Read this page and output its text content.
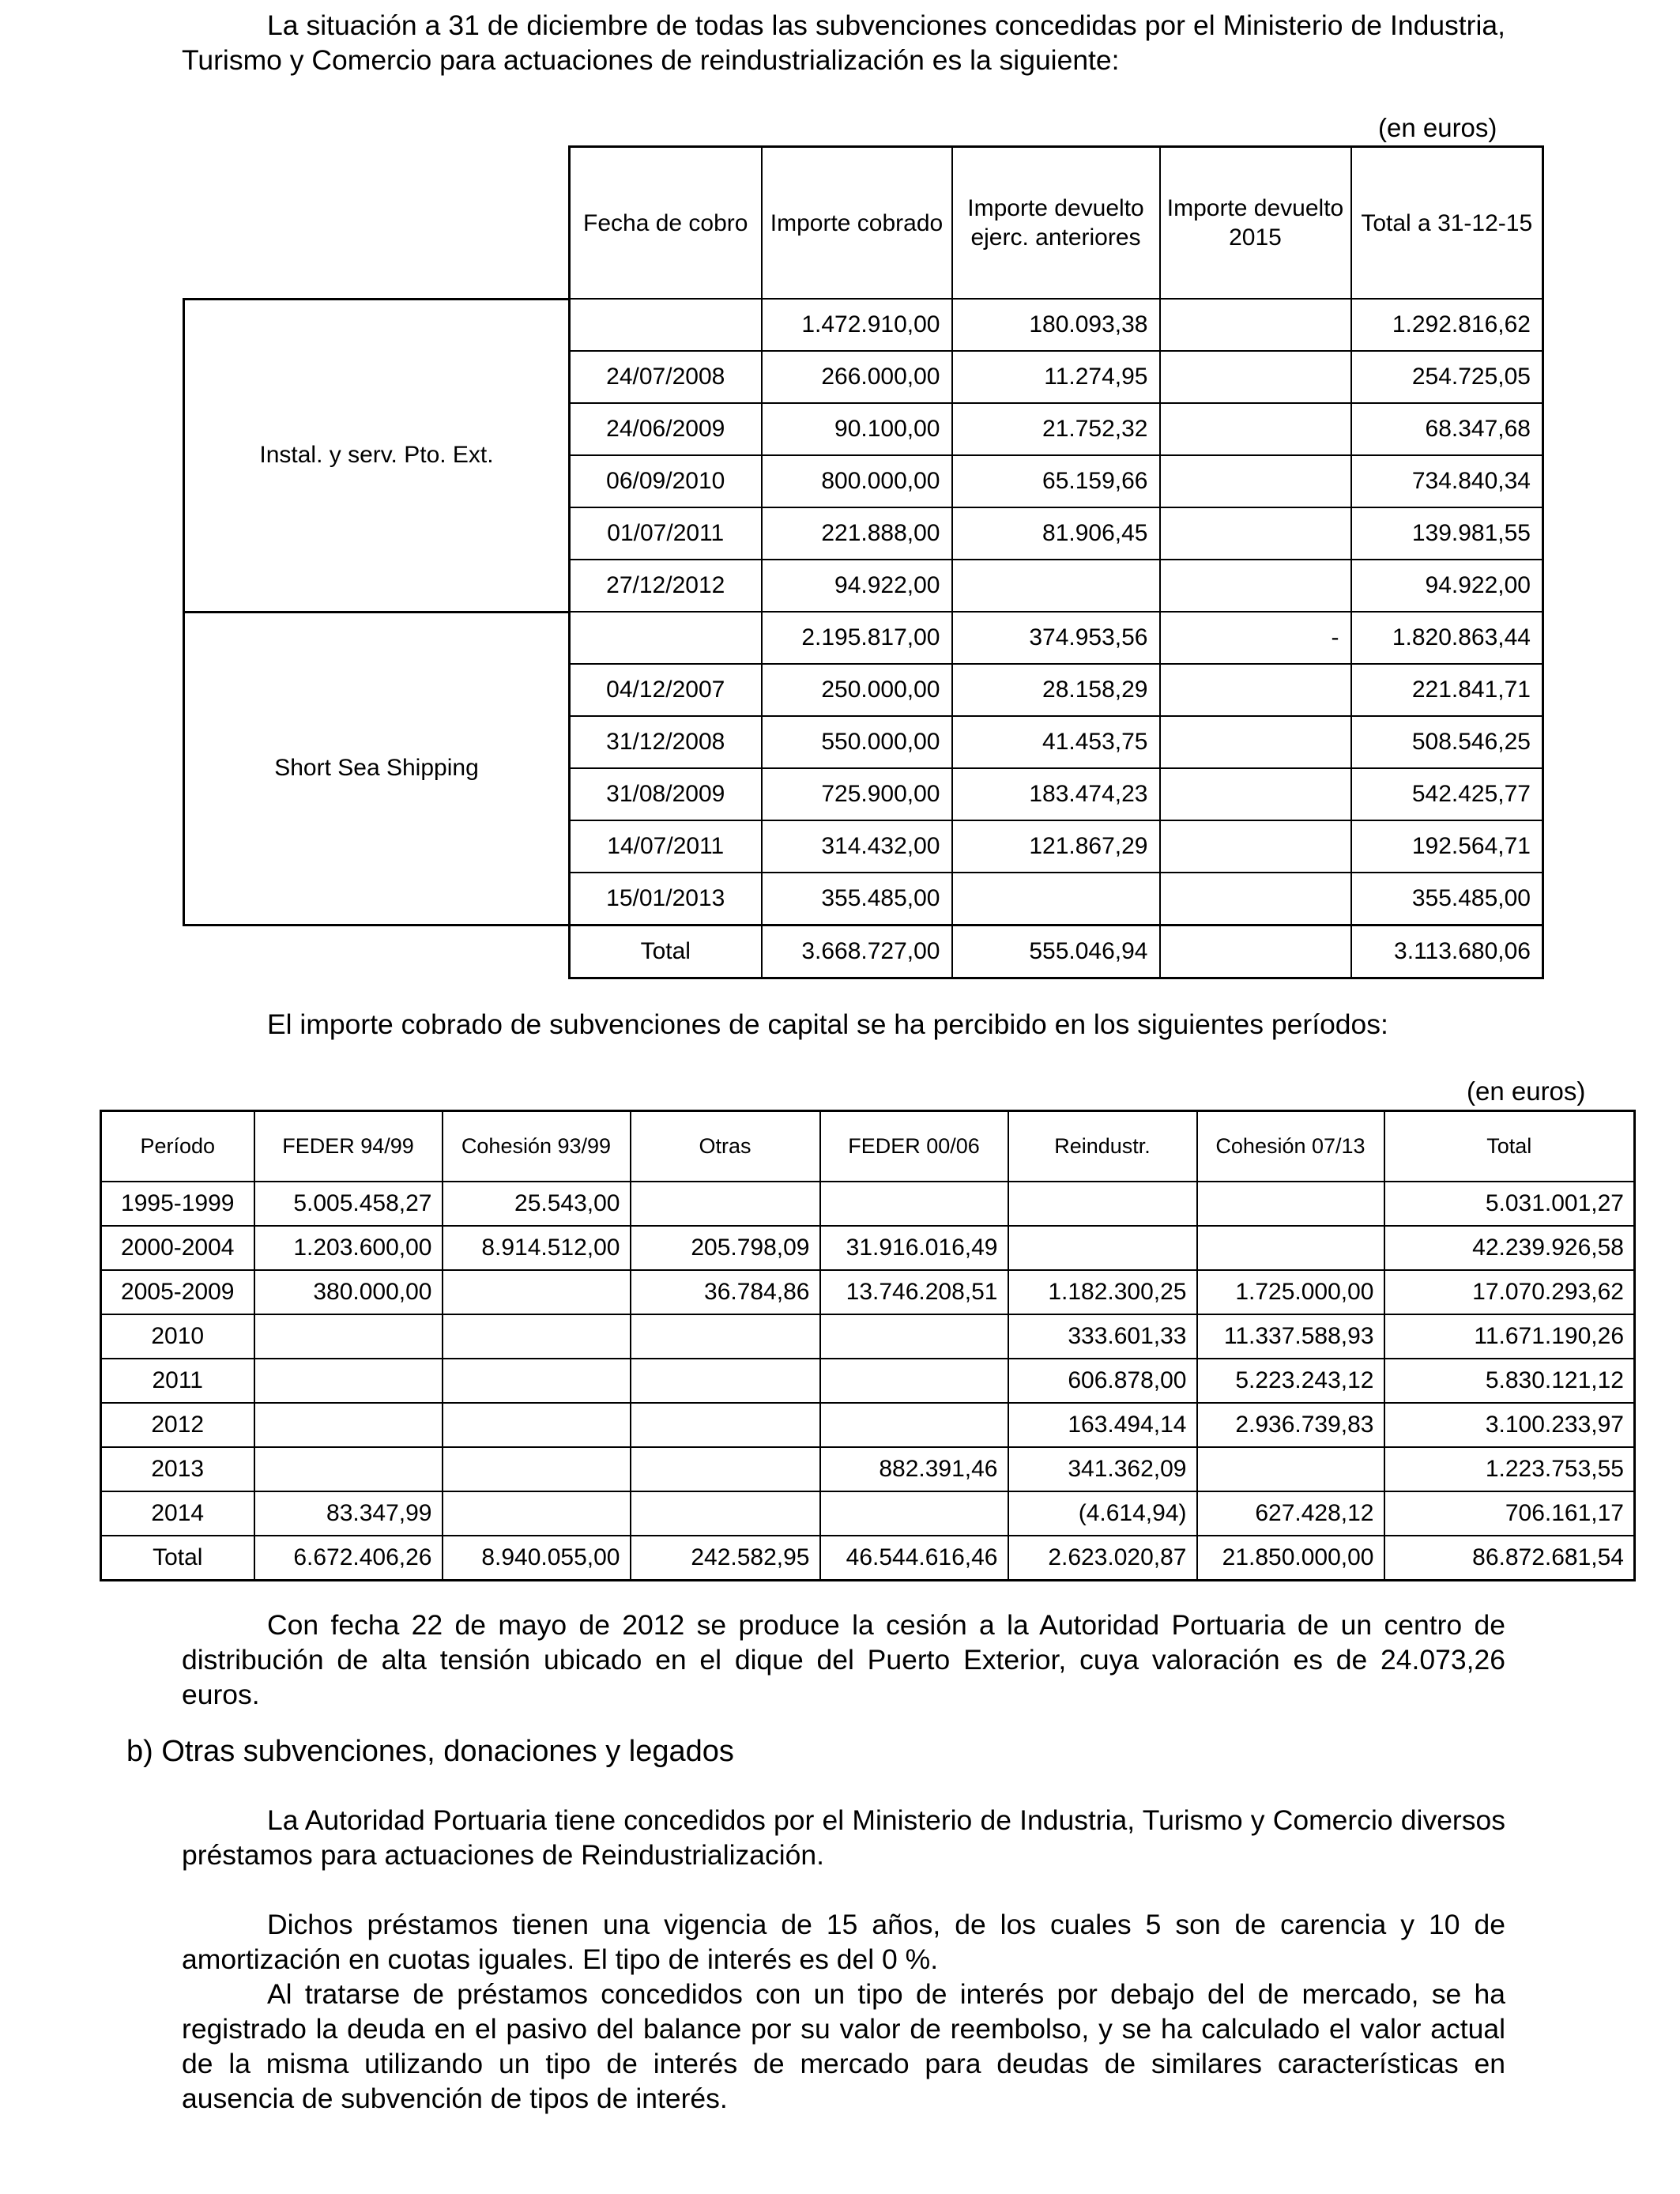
La situación a 31 de diciembre de todas las subvenciones concedidas por el Ministerio de Industria, Turismo y Comercio para actuaciones de reindustrialización es la siguiente:

(en euros)
	Fecha de cobro	Importe cobrado	Importe devuelto ejerc. anteriores	Importe devuelto 2015	Total a 31-12-15
Instal. y serv. Pto. Ext.		1.472.910,00	180.093,38		1.292.816,62
	24/07/2008	266.000,00	11.274,95		254.725,05
	24/06/2009	90.100,00	21.752,32		68.347,68
	06/09/2010	800.000,00	65.159,66		734.840,34
	01/07/2011	221.888,00	81.906,45		139.981,55
	27/12/2012	94.922,00			94.922,00
Short Sea Shipping		2.195.817,00	374.953,56	-	1.820.863,44
	04/12/2007	250.000,00	28.158,29		221.841,71
	31/12/2008	550.000,00	41.453,75		508.546,25
	31/08/2009	725.900,00	183.474,23		542.425,77
	14/07/2011	314.432,00	121.867,29		192.564,71
	15/01/2013	355.485,00			355.485,00
	Total	3.668.727,00	555.046,94		3.113.680,06

El importe cobrado de subvenciones de capital se ha percibido en los siguientes períodos:

(en euros)
Período	FEDER 94/99	Cohesión 93/99	Otras	FEDER 00/06	Reindustr.	Cohesión 07/13	Total
1995-1999	5.005.458,27	25.543,00					5.031.001,27
2000-2004	1.203.600,00	8.914.512,00	205.798,09	31.916.016,49			42.239.926,58
2005-2009	380.000,00		36.784,86	13.746.208,51	1.182.300,25	1.725.000,00	17.070.293,62
2010					333.601,33	11.337.588,93	11.671.190,26
2011					606.878,00	5.223.243,12	5.830.121,12
2012					163.494,14	2.936.739,83	3.100.233,97
2013				882.391,46	341.362,09		1.223.753,55
2014	83.347,99				(4.614,94)	627.428,12	706.161,17
Total	6.672.406,26	8.940.055,00	242.582,95	46.544.616,46	2.623.020,87	21.850.000,00	86.872.681,54

Con fecha 22 de mayo de 2012 se produce la cesión a la Autoridad Portuaria de un centro de distribución de alta tensión ubicado en el dique del Puerto Exterior, cuya valoración es de 24.073,26 euros.

b) Otras subvenciones, donaciones y legados

La Autoridad Portuaria tiene concedidos por el Ministerio de Industria, Turismo y Comercio diversos préstamos para actuaciones de Reindustrialización.

Dichos préstamos tienen una vigencia de 15 años, de los cuales 5 son de carencia y 10 de amortización en cuotas iguales. El tipo de interés es del 0 %.

Al tratarse de préstamos concedidos con un tipo de interés por debajo del de mercado, se ha registrado la deuda en el pasivo del balance por su valor de reembolso, y se ha calculado el valor actual de la misma utilizando un tipo de interés de mercado para deudas de similares características en ausencia de subvención de tipos de interés.
